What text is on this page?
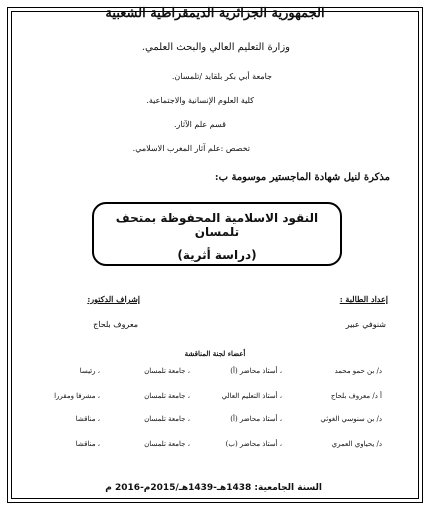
الجمهورية الجزائرية الديمقراطية الشعبية
وزارة التعليم العالي والبحث العلمي.
جامعة أبي بكر بلقايد /تلمسان.
كلية العلوم الإنسانية والاجتماعية.
قسم علم الآثار.
تخصص :علم آثار المغرب الاسلامي.
مذكرة لنيل شهادة الماجستير موسومة ب:
النقود الاسلامية المحفوظة بمتحف تلمسان
(دراسة أثرية)
إعداد الطالبة :
شنوفي عبير
إشراف الدكتور:
معروف بلحاج
أعضاء لجنة المناقشة
د/ بن حمو محمد
، أستاذ محاضر (أ)
، جامعة تلمسان
، رئيسا
أ د/ معروف بلحاج
، أستاذ التعليم العالي
، جامعة تلمسان
، مشرفا ومقررا
د/ بن سنوسي الغوثي
، أستاذ محاضر (أ)
، جامعة تلمسان
، مناقشا
د/ يحياوي العمري
، أستاذ محاضر (ب)
، جامعة تلمسان
، مناقشا
السنة الجامعية: 1438هـ-1439هـ/2015م-2016 م
